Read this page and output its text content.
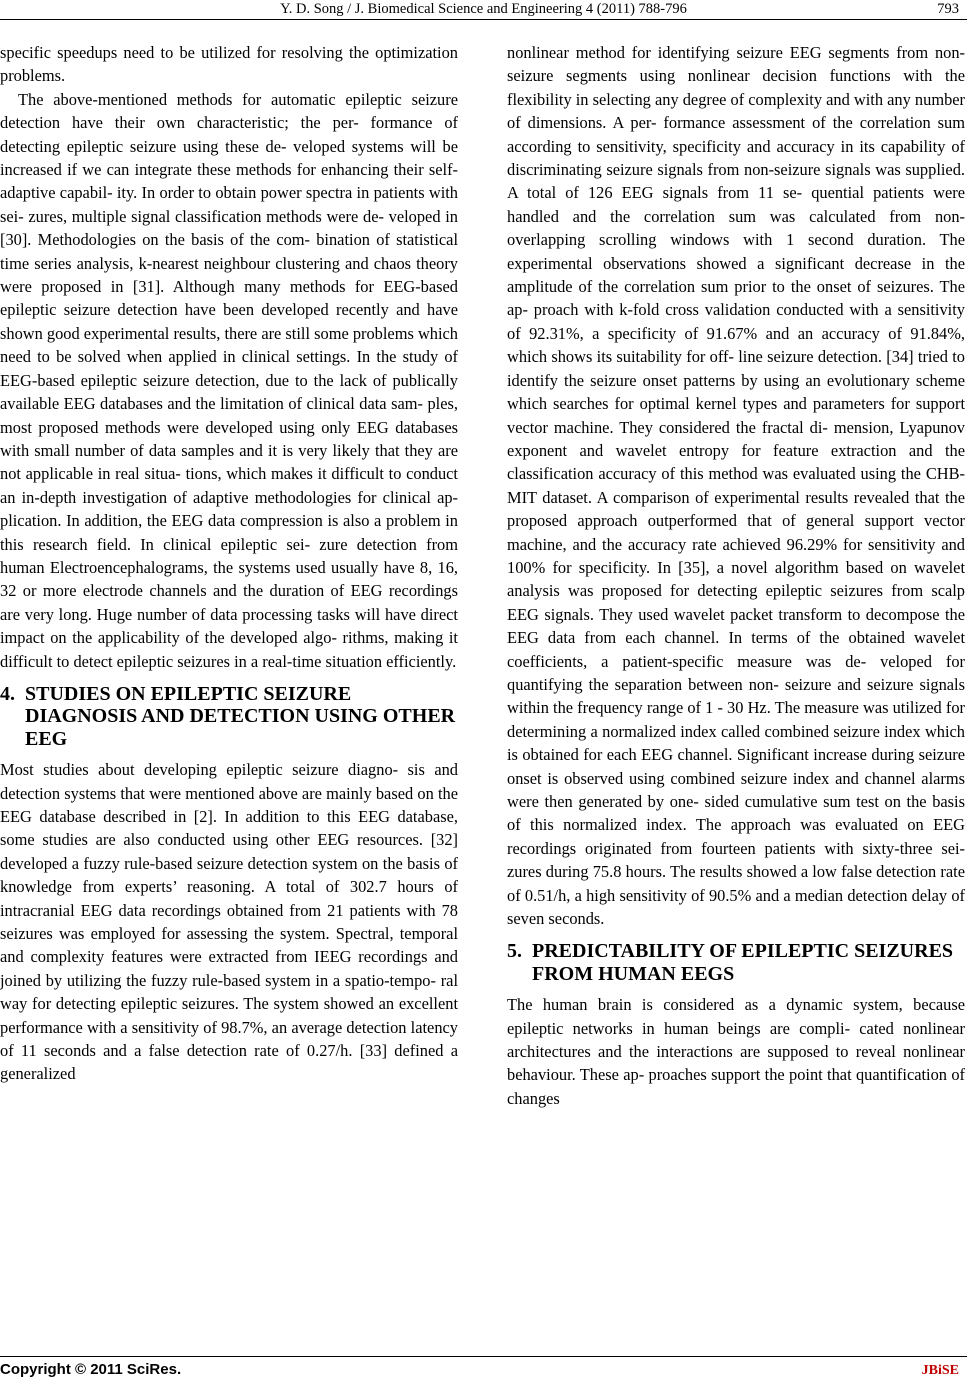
Y. D. Song / J. Biomedical Science and Engineering 4 (2011) 788-796	793

specific speedups need to be utilized for resolving the optimization problems.

The above-mentioned methods for automatic epileptic seizure detection have their own characteristic; the per- formance of detecting epileptic seizure using these de- veloped systems will be increased if we can integrate these methods for enhancing their self- adaptive capabil- ity. In order to obtain power spectra in patients with sei- zures, multiple signal classification methods were de- veloped in [30]. Methodologies on the basis of the com- bination of statistical time series analysis, k-nearest neighbour clustering and chaos theory were proposed in [31]. Although many methods for EEG-based epileptic seizure detection have been developed recently and have shown good experimental results, there are still some problems which need to be solved when applied in clinical settings. In the study of EEG-based epileptic seizure detection, due to the lack of publically available EEG databases and the limitation of clinical data sam- ples, most proposed methods were developed using only EEG databases with small number of data samples and it is very likely that they are not applicable in real situa- tions, which makes it difficult to conduct an in-depth investigation of adaptive methodologies for clinical ap- plication. In addition, the EEG data compression is also a problem in this research field. In clinical epileptic sei- zure detection from human Electroencephalograms, the systems used usually have 8, 16, 32 or more electrode channels and the duration of EEG recordings are very long. Huge number of data processing tasks will have direct impact on the applicability of the developed algo- rithms, making it difficult to detect epileptic seizures in a real-time situation efficiently.

4. STUDIES ON EPILEPTIC SEIZURE DIAGNOSIS AND DETECTION USING OTHER EEG

Most studies about developing epileptic seizure diagno- sis and detection systems that were mentioned above are mainly based on the EEG database described in [2]. In addition to this EEG database, some studies are also conducted using other EEG resources. [32] developed a fuzzy rule-based seizure detection system on the basis of knowledge from experts’ reasoning. A total of 302.7 hours of intracranial EEG data recordings obtained from 21 patients with 78 seizures was employed for assessing the system. Spectral, temporal and complexity features were extracted from IEEG recordings and joined by utilizing the fuzzy rule-based system in a spatio-tempo- ral way for detecting epileptic seizures. The system showed an excellent performance with a sensitivity of 98.7%, an average detection latency of 11 seconds and a false detection rate of 0.27/h. [33] defined a generalized

nonlinear method for identifying seizure EEG segments from non-seizure segments using nonlinear decision functions with the flexibility in selecting any degree of complexity and with any number of dimensions. A per- formance assessment of the correlation sum according to sensitivity, specificity and accuracy in its capability of discriminating seizure signals from non-seizure signals was supplied. A total of 126 EEG signals from 11 se- quential patients were handled and the correlation sum was calculated from non-overlapping scrolling windows with 1 second duration. The experimental observations showed a significant decrease in the amplitude of the correlation sum prior to the onset of seizures. The ap- proach with k-fold cross validation conducted with a sensitivity of 92.31%, a specificity of 91.67% and an accuracy of 91.84%, which shows its suitability for off- line seizure detection. [34] tried to identify the seizure onset patterns by using an evolutionary scheme which searches for optimal kernel types and parameters for support vector machine. They considered the fractal di- mension, Lyapunov exponent and wavelet entropy for feature extraction and the classification accuracy of this method was evaluated using the CHB-MIT dataset. A comparison of experimental results revealed that the proposed approach outperformed that of general support vector machine, and the accuracy rate achieved 96.29% for sensitivity and 100% for specificity. In [35], a novel algorithm based on wavelet analysis was proposed for detecting epileptic seizures from scalp EEG signals. They used wavelet packet transform to decompose the EEG data from each channel. In terms of the obtained wavelet coefficients, a patient-specific measure was de- veloped for quantifying the separation between non- seizure and seizure signals within the frequency range of 1 - 30 Hz. The measure was utilized for determining a normalized index called combined seizure index which is obtained for each EEG channel. Significant increase during seizure onset is observed using combined seizure index and channel alarms were then generated by one- sided cumulative sum test on the basis of this normalized index. The approach was evaluated on EEG recordings originated from fourteen patients with sixty-three sei- zures during 75.8 hours. The results showed a low false detection rate of 0.51/h, a high sensitivity of 90.5% and a median detection delay of seven seconds.

5. PREDICTABILITY OF EPILEPTIC SEIZURES FROM HUMAN EEGS

The human brain is considered as a dynamic system, because epileptic networks in human beings are compli- cated nonlinear architectures and the interactions are supposed to reveal nonlinear behaviour. These ap- proaches support the point that quantification of changes

Copyright © 2011 SciRes.	JBiSE
